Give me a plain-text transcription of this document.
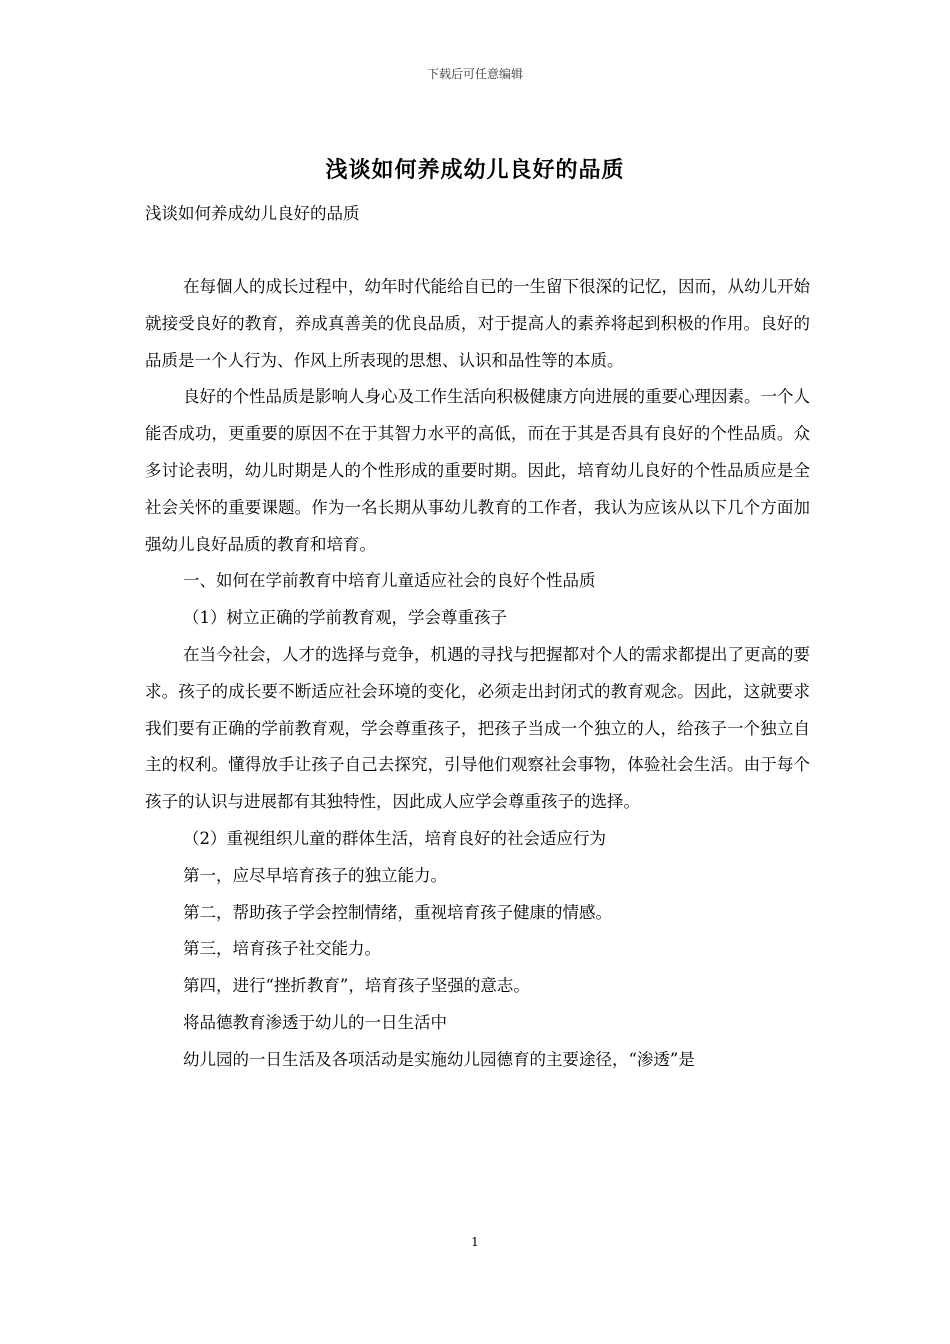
下载后可任意编辑
浅谈如何养成幼儿良好的品质
浅谈如何养成幼儿良好的品质

在每個人的成长过程中，幼年时代能给自已的一生留下很深的记忆，因而，从幼儿开始就接受良好的教育，养成真善美的优良品质，对于提高人的素养将起到积极的作用。良好的品质是一个人行为、作风上所表现的思想、认识和品性等的本质。

良好的个性品质是影响人身心及工作生活向积极健康方向进展的重要心理因素。一个人能否成功，更重要的原因不在于其智力水平的高低，而在于其是否具有良好的个性品质。众多讨论表明，幼儿时期是人的个性形成的重要时期。因此，培育幼儿良好的个性品质应是全社会关怀的重要课题。作为一名长期从事幼儿教育的工作者，我认为应该从以下几个方面加强幼儿良好品质的教育和培育。

一、如何在学前教育中培育儿童适应社会的良好个性品质

（1）树立正确的学前教育观，学会尊重孩子

在当今社会，人才的选择与竞争，机遇的寻找与把握都对个人的需求都提出了更高的要求。孩子的成长要不断适应社会环境的变化，必须走出封闭式的教育观念。因此，这就要求我们要有正确的学前教育观，学会尊重孩子，把孩子当成一个独立的人，给孩子一个独立自主的权利。懂得放手让孩子自己去探究，引导他们观察社会事物，体验社会生活。由于每个孩子的认识与进展都有其独特性，因此成人应学会尊重孩子的选择。

（2）重视组织儿童的群体生活，培育良好的社会适应行为

第一，应尽早培育孩子的独立能力。

第二，帮助孩子学会控制情绪，重视培育孩子健康的情感。

第三，培育孩子社交能力。

第四，进行“挫折教育”，培育孩子坚强的意志。

将品德教育渗透于幼儿的一日生活中

幼儿园的一日生活及各项活动是实施幼儿园德育的主要途径，“渗透”是

1
